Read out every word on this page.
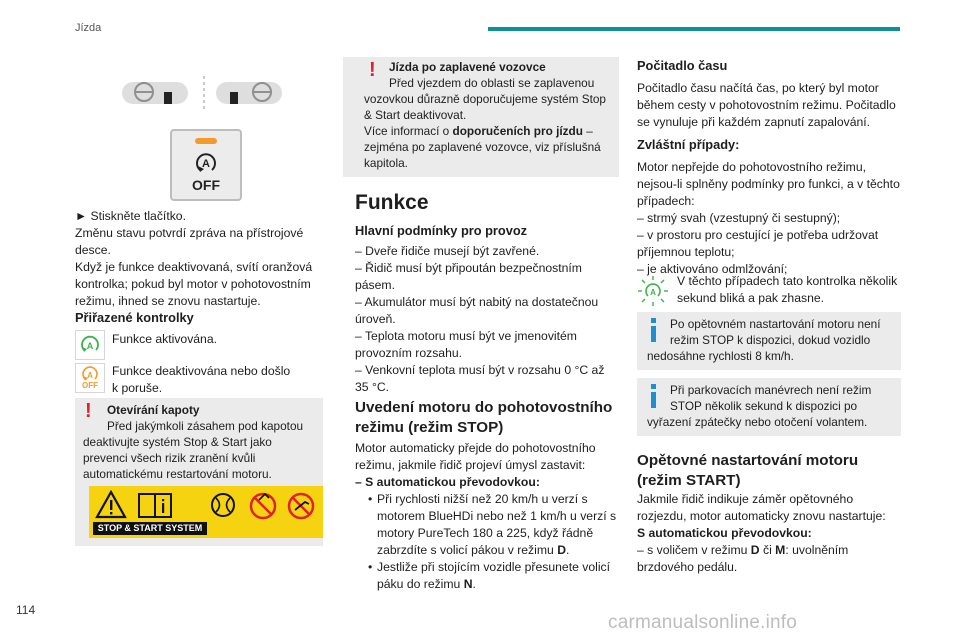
Jízda
A
OFF

► Stiskněte tlačítko.

Změnu stavu potvrdí zpráva na přístrojové desce.

Když je funkce deaktivovaná, svítí oranžová kontrolka; pokud byl motor v pohotovostním režimu, ihned se znovu nastartuje.

Přiřazené kontrolky
A Funkce aktivována.
A
OFF
Funkce deaktivována nebo došlo
k poruše.
! Otevírání kapoty
Před jakýmkoli zásahem pod kapotou
deaktivujte systém Stop & Start jako prevenci všech rizik zranění kvůli automatickému restartování motoru.
STOP & START SYSTEM
! Jízda po zaplavené vozovce
Před vjezdem do oblasti se zaplavenou
vozovkou důrazně doporučujeme systém Stop & Start deaktivovat.
Více informací o doporučeních pro jízdu – zejména po zaplavené vozovce, viz příslušná kapitola.
Funkce
Hlavní podmínky pro provoz

– Dveře řidiče musejí být zavřené.

– Řidič musí být připoután bezpečnostním pásem.

– Akumulátor musí být nabitý na dostatečnou úroveň.

– Teplota motoru musí být ve jmenovitém provozním rozsahu.

– Venkovní teplota musí být v rozsahu 0 °C až 35 °C.

Uvedení motoru do pohotovostního režimu (režim STOP)
Motor automaticky přejde do pohotovostního režimu, jakmile řidič projeví úmysl zastavit:
– S automatickou převodovkou:
• Při rychlosti nižší než 20 km/h u verzí s motorem BlueHDi nebo než 1 km/h u verzí s motory PureTech 180 a 225, když řádně zabrzdíte s volicí pákou v režimu D.
• Jestliže při stojícím vozidle přesunete volicí páku do režimu N.
Počitadlo času
Počitadlo času načítá čas, po který byl motor během cesty v pohotovostním režimu. Počitadlo se vynuluje při každém zapnutí zapalování.
Zvláštní případy:

Motor nepřejde do pohotovostního režimu, nejsou-li splněny podmínky pro funkci, a v těchto případech:

– strmý svah (vzestupný či sestupný);

– v prostoru pro cestující je potřeba udržovat příjemnou teplotu;

– je aktivováno odmlžování;

A
V těchto případech tato kontrolka několik
sekund bliká a pak zhasne.
Po opětovném nastartování motoru není
režim STOP k dispozici, dokud vozidlo
nedosáhne rychlosti 8 km/h.
Při parkovacích manévrech není režim
STOP několik sekund k dispozici po
vyřazení zpátečky nebo otočení volantem.
Opětovné nastartování motoru (režim START)
Jakmile řidič indikuje záměr opětovného rozjezdu, motor automaticky znovu nastartuje:
S automatickou převodovkou:
– s voličem v režimu D či M: uvolněním brzdového pedálu.
114
carmanualsonline.info
